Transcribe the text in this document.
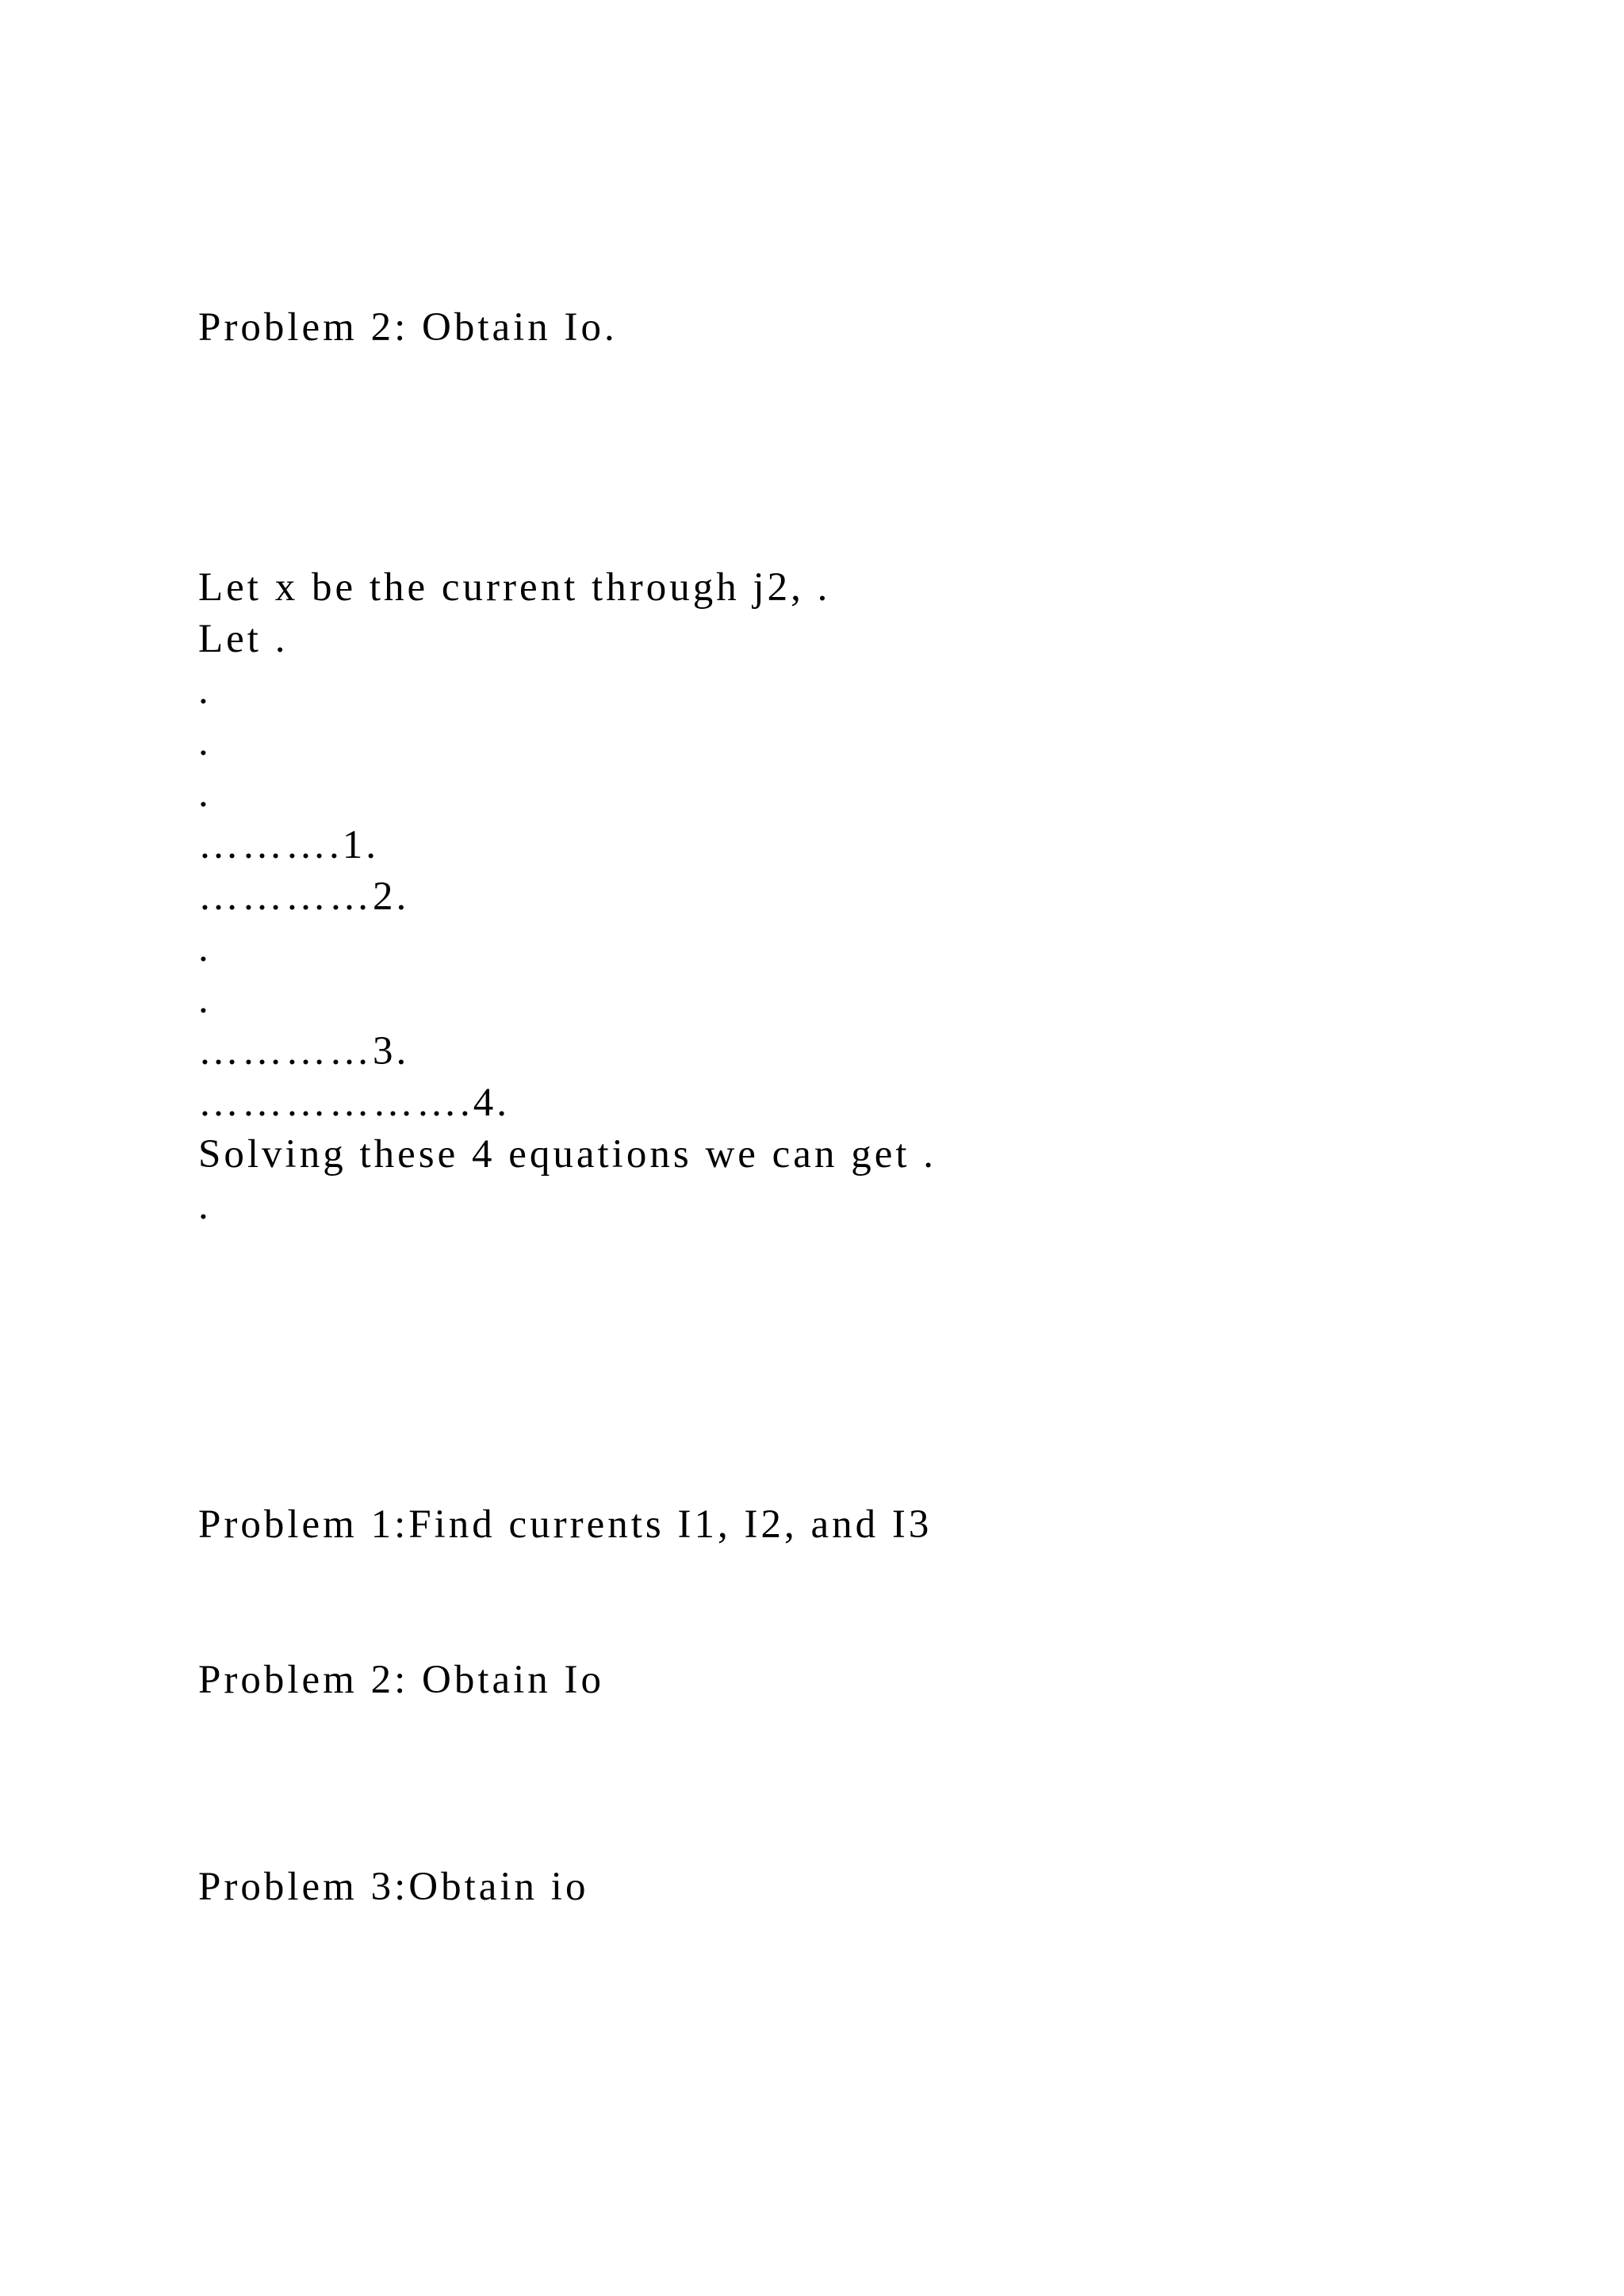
Problem 2: Obtain Io.
Let x be the current through j2, .
Let .
.
.
.
……….1.
…………2.
.
.
…………3.
……………….4.
Solving these 4 equations we can get .
.
Problem 1:Find currents I1, I2, and I3
Problem 2: Obtain Io
Problem 3:Obtain io
